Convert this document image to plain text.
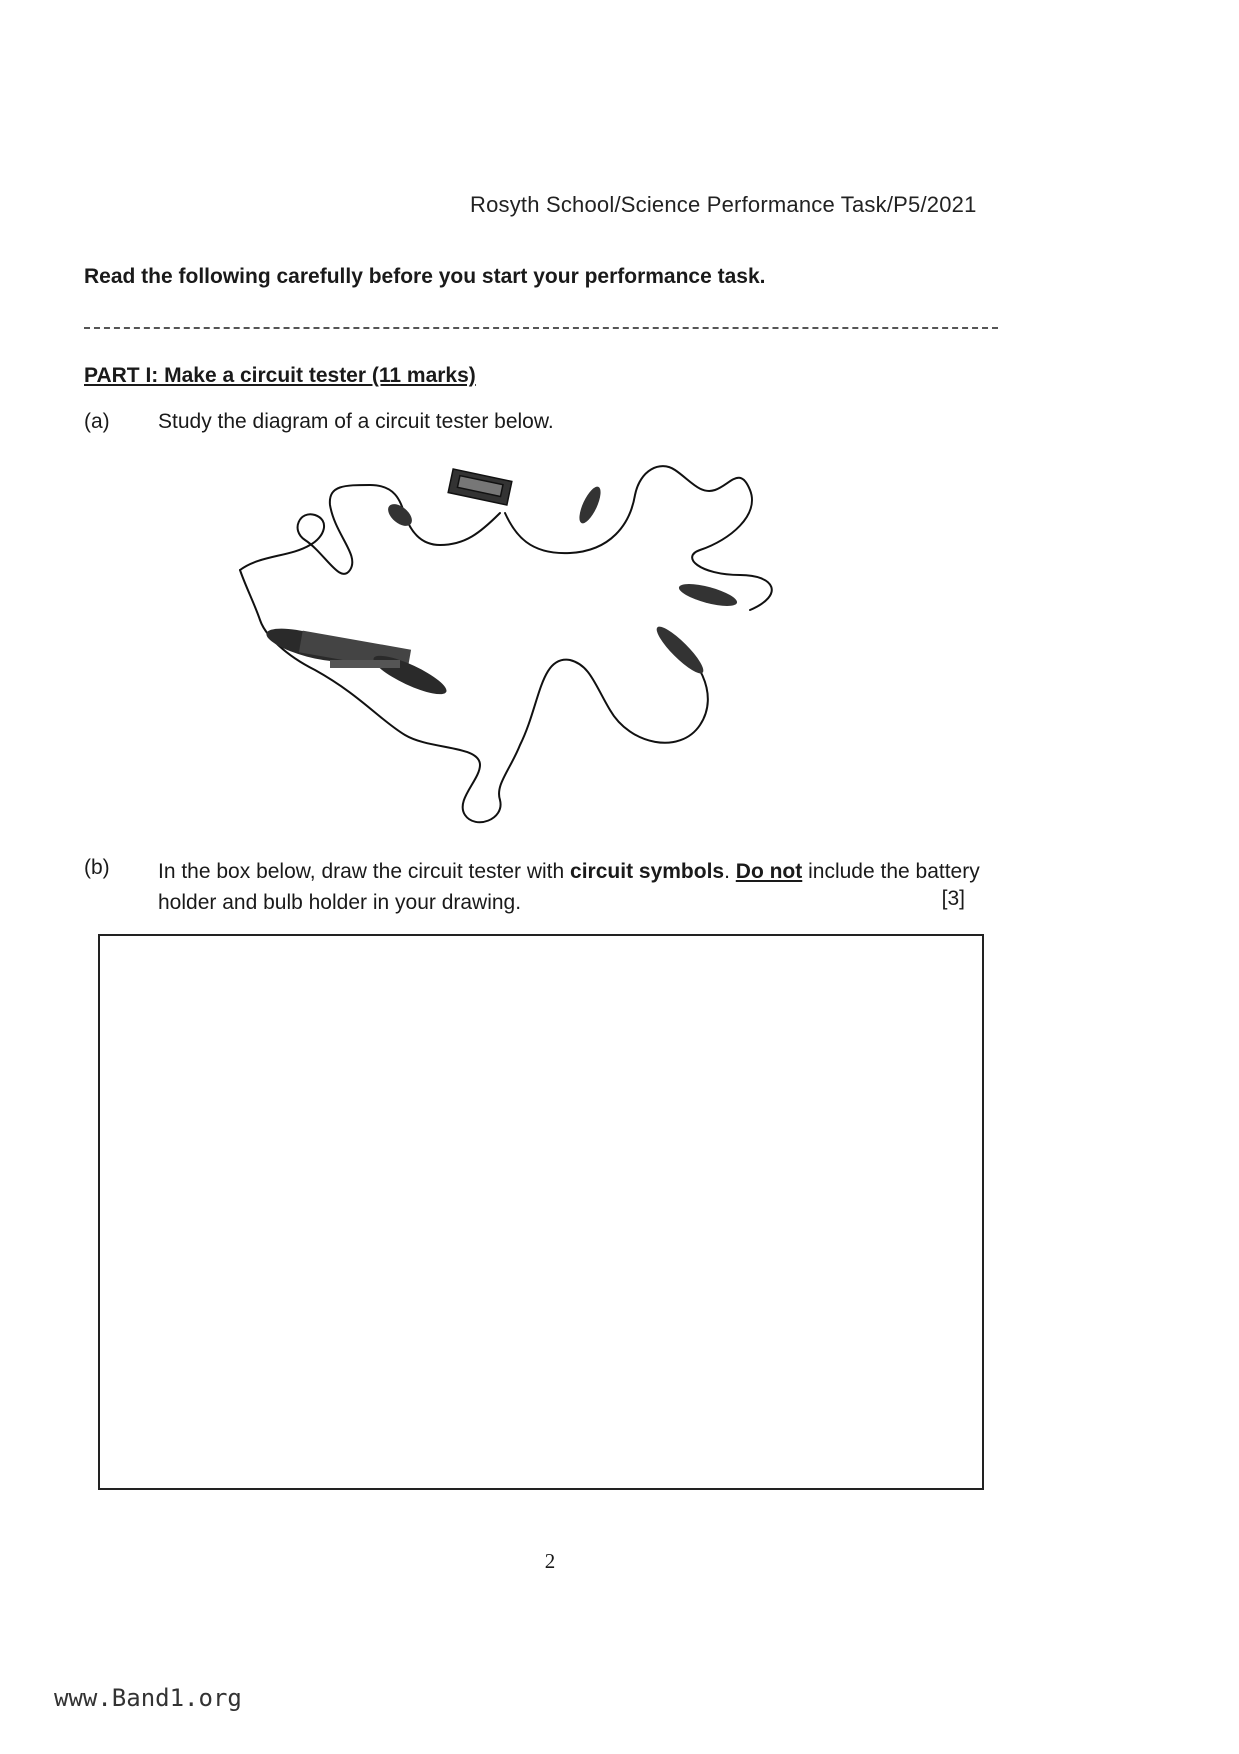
Rosyth School/Science Performance Task/P5/2021
Read the following carefully before you start your performance task.
PART I: Make a circuit tester (11 marks)
(a) Study the diagram of a circuit tester below.
(b) In the box below, draw the circuit tester with circuit symbols. Do not include the battery holder and bulb holder in your drawing.	[3]
2
www.Band1.org
